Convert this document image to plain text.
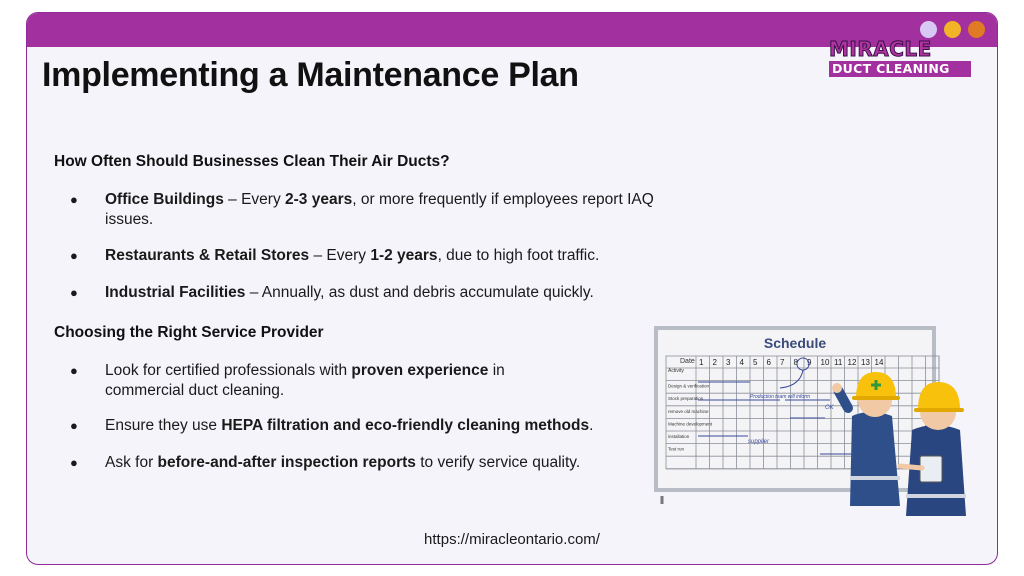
MIRACLE
DUCT CLEANING
Implementing a Maintenance Plan
How Often Should Businesses Clean Their Air Ducts?
● Office Buildings – Every 2-3 years, or more frequently if employees report IAQ issues.
● Restaurants & Retail Stores – Every 1-2 years, due to high foot traffic.
● Industrial Facilities – Annually, as dust and debris accumulate quickly.
Choosing the Right Service Provider
● Look for certified professionals with proven experience in commercial duct cleaning.
● Ensure they use HEPA filtration and eco-friendly cleaning methods.
● Ask for before-and-after inspection reports to verify service quality.
Schedule
Date
Activity
1 2 3 4 5 6 7 8 9 10 11 12 13 14
Design & verification
Stock preparation
remove old machine
Machine development
installation
Test run
Production team will inform
OK
supplier
https://miracleontario.com/
